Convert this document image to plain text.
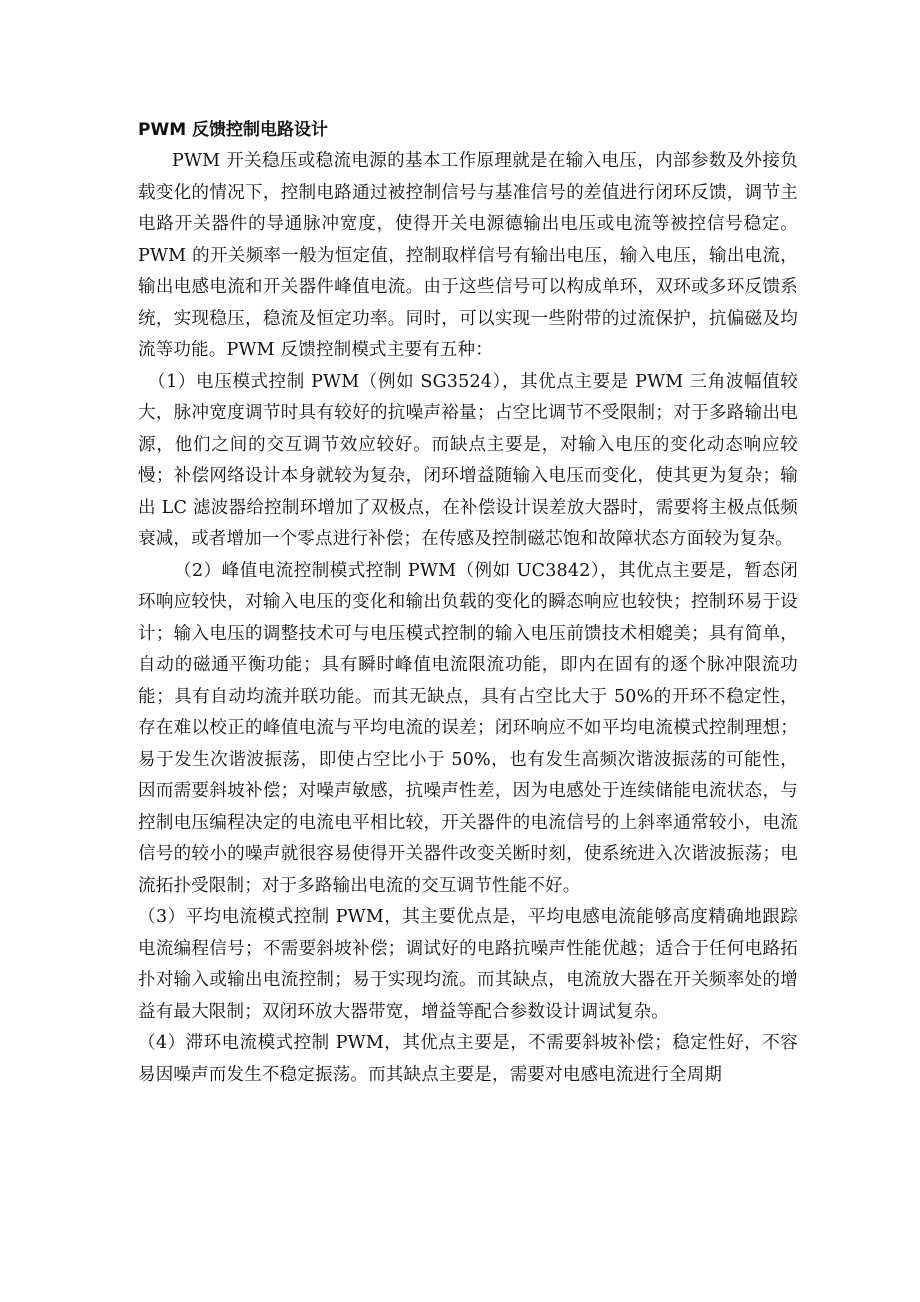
PWM 反馈控制电路设计

PWM 开关稳压或稳流电源的基本工作原理就是在输入电压，内部参数及外接负载变化的情况下，控制电路通过被控制信号与基准信号的差值进行闭环反馈，调节主电路开关器件的导通脉冲宽度，使得开关电源德输出电压或电流等被控信号稳定。PWM 的开关频率一般为恒定值，控制取样信号有输出电压，输入电压，输出电流，输出电感电流和开关器件峰值电流。由于这些信号可以构成单环，双环或多环反馈系统，实现稳压，稳流及恒定功率。同时，可以实现一些附带的过流保护，抗偏磁及均流等功能。PWM 反馈控制模式主要有五种：

（1）电压模式控制 PWM（例如 SG3524），其优点主要是 PWM 三角波幅值较大，脉冲宽度调节时具有较好的抗噪声裕量；占空比调节不受限制；对于多路输出电源，他们之间的交互调节效应较好。而缺点主要是，对输入电压的变化动态响应较慢；补偿网络设计本身就较为复杂，闭环增益随输入电压而变化，使其更为复杂；输出 LC 滤波器给控制环增加了双极点，在补偿设计误差放大器时，需要将主极点低频衰减，或者增加一个零点进行补偿；在传感及控制磁芯饱和故障状态方面较为复杂。

（2）峰值电流控制模式控制 PWM（例如 UC3842），其优点主要是，暂态闭环响应较快，对输入电压的变化和输出负载的变化的瞬态响应也较快；控制环易于设计；输入电压的调整技术可与电压模式控制的输入电压前馈技术相媲美；具有简单，自动的磁通平衡功能；具有瞬时峰值电流限流功能，即内在固有的逐个脉冲限流功能；具有自动均流并联功能。而其无缺点，具有占空比大于 50%的开环不稳定性，存在难以校正的峰值电流与平均电流的误差；闭环响应不如平均电流模式控制理想；易于发生次谐波振荡，即使占空比小于 50%，也有发生高频次谐波振荡的可能性，因而需要斜坡补偿；对噪声敏感，抗噪声性差，因为电感处于连续储能电流状态，与控制电压编程决定的电流电平相比较，开关器件的电流信号的上斜率通常较小，电流信号的较小的噪声就很容易使得开关器件改变关断时刻，使系统进入次谐波振荡；电流拓扑受限制；对于多路输出电流的交互调节性能不好。

（3）平均电流模式控制 PWM，其主要优点是，平均电感电流能够高度精确地跟踪电流编程信号；不需要斜坡补偿；调试好的电路抗噪声性能优越；适合于任何电路拓扑对输入或输出电流控制；易于实现均流。而其缺点，电流放大器在开关频率处的增益有最大限制；双闭环放大器带宽，增益等配合参数设计调试复杂。

（4）滞环电流模式控制 PWM，其优点主要是，不需要斜坡补偿；稳定性好，不容易因噪声而发生不稳定振荡。而其缺点主要是，需要对电感电流进行全周期
